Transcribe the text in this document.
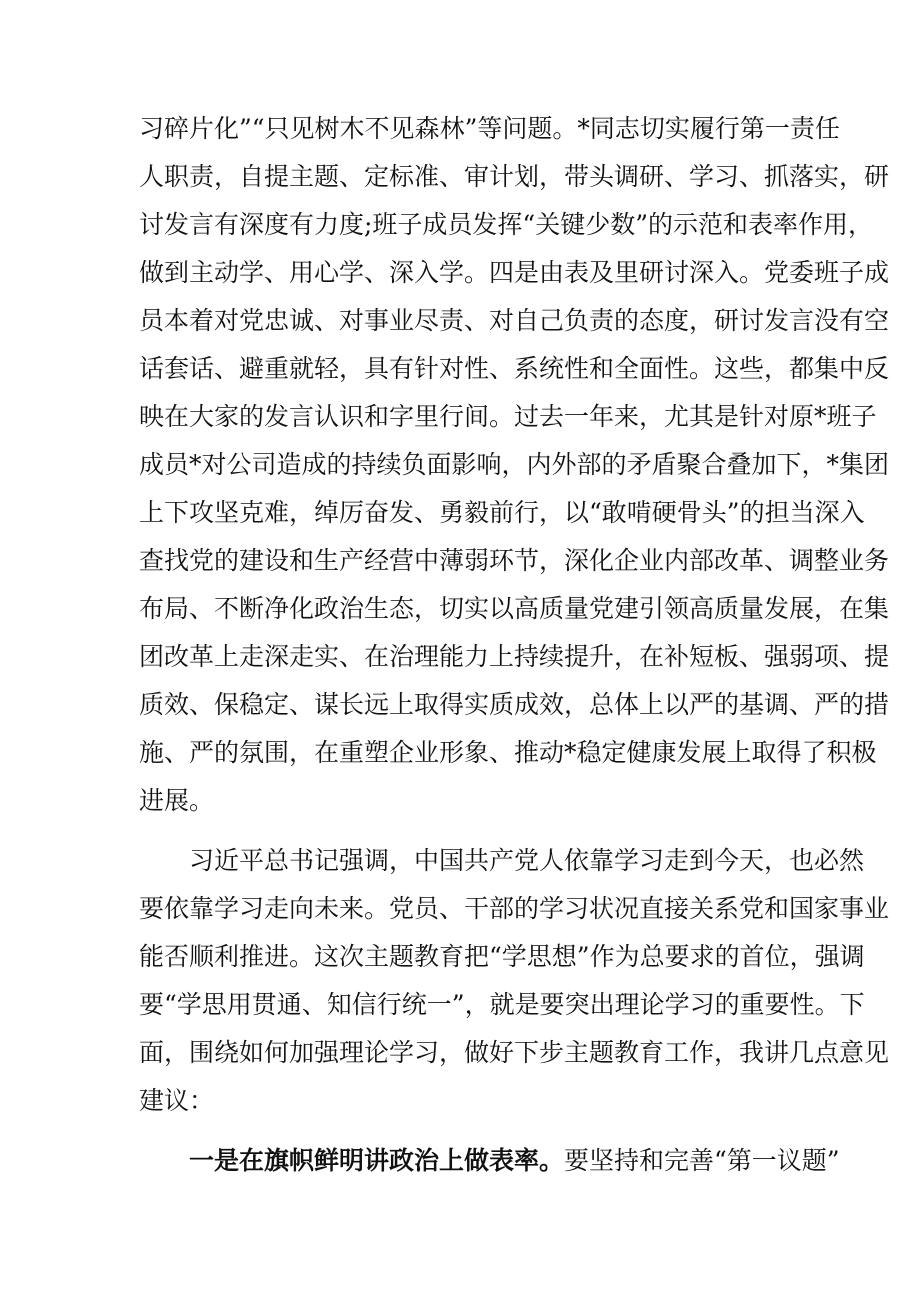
习碎片化”“只见树木不见森林”等问题。*同志切实履行第一责任
人职责，自提主题、定标准、审计划，带头调研、学习、抓落实，研
讨发言有深度有力度;班子成员发挥“关键少数”的示范和表率作用，
做到主动学、用心学、深入学。四是由表及里研讨深入。党委班子成
员本着对党忠诚、对事业尽责、对自己负责的态度，研讨发言没有空
话套话、避重就轻，具有针对性、系统性和全面性。这些，都集中反
映在大家的发言认识和字里行间。过去一年来，尤其是针对原*班子
成员*对公司造成的持续负面影响，内外部的矛盾聚合叠加下，*集团
上下攻坚克难，绰厉奋发、勇毅前行，以“敢啃硬骨头”的担当深入
查找党的建设和生产经营中薄弱环节，深化企业内部改革、调整业务
布局、不断净化政治生态，切实以高质量党建引领高质量发展，在集
团改革上走深走实、在治理能力上持续提升，在补短板、强弱项、提
质效、保稳定、谋长远上取得实质成效，总体上以严的基调、严的措
施、严的氛围，在重塑企业形象、推动*稳定健康发展上取得了积极
进展。
习近平总书记强调，中国共产党人依靠学习走到今天，也必然
要依靠学习走向未来。党员、干部的学习状况直接关系党和国家事业
能否顺利推进。这次主题教育把“学思想”作为总要求的首位，强调
要“学思用贯通、知信行统一”，就是要突出理论学习的重要性。下
面，围绕如何加强理论学习，做好下步主题教育工作，我讲几点意见
建议：
一是在旗帜鲜明讲政治上做表率。要坚持和完善“第一议题”
